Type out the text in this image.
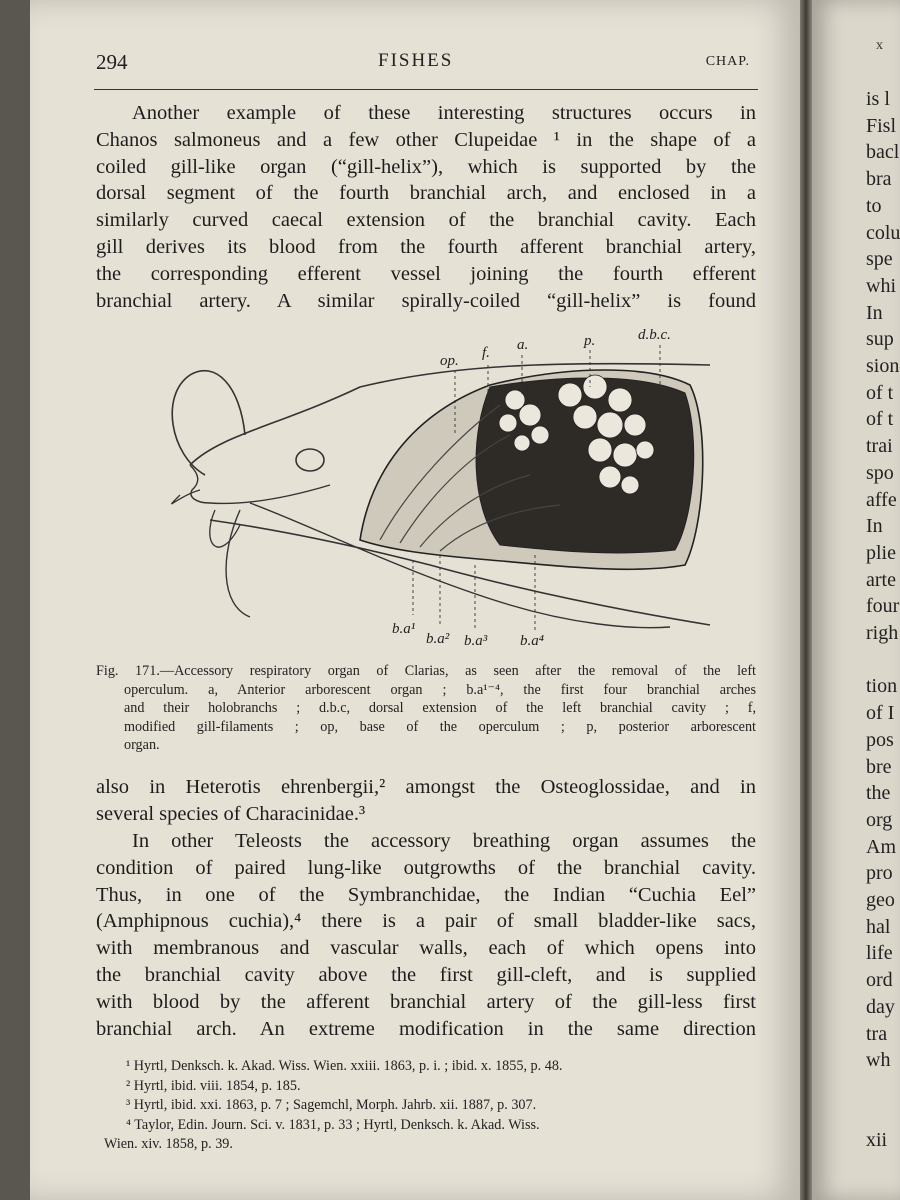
294	FISHES	CHAP.
Another example of these interesting structures occurs in
Chanos salmoneus and a few other Clupeidae ¹ in the shape of a
coiled gill-like organ (“gill-helix”), which is supported by the
dorsal segment of the fourth branchial arch, and enclosed in a
similarly curved caecal extension of the branchial cavity. Each
gill derives its blood from the fourth afferent branchial artery,
the corresponding efferent vessel joining the fourth efferent
branchial artery. A similar spirally-coiled “gill-helix” is found
op. f. a.	p.	d.b.c.
b.a¹
b.a² b.a³ b.a⁴
Fig. 171.—Accessory respiratory organ of Clarias, as seen after the removal of the left
operculum. a, Anterior arborescent organ ; b.a¹⁻⁴, the first four branchial arches
and their holobranchs ; d.b.c, dorsal extension of the left branchial cavity ; f,
modified gill-filaments ; op, base of the operculum ; p, posterior arborescent
organ.
also in Heterotis ehrenbergii,² amongst the Osteoglossidae, and in
several species of Characinidae.³
In other Teleosts the accessory breathing organ assumes the
condition of paired lung-like outgrowths of the branchial cavity.
Thus, in one of the Symbranchidae, the Indian “Cuchia Eel”
(Amphipnous cuchia),⁴ there is a pair of small bladder-like sacs,
with membranous and vascular walls, each of which opens into
the branchial cavity above the first gill-cleft, and is supplied
with blood by the afferent branchial artery of the gill-less first
branchial arch. An extreme modification in the same direction
¹ Hyrtl, Denksch. k. Akad. Wiss. Wien. xxiii. 1863, p. i. ; ibid. x. 1855, p. 48.
² Hyrtl, ibid. viii. 1854, p. 185.
³ Hyrtl, ibid. xxi. 1863, p. 7 ; Sagemchl, Morph. Jahrb. xii. 1887, p. 307.
⁴ Taylor, Edin. Journ. Sci. v. 1831, p. 33 ; Hyrtl, Denksch. k. Akad. Wiss.
Wien. xiv. 1858, p. 39.
x
is l
Fisl
bacl
bra
to
colu
spe
whi
In
sup
sion
of t
of t
trai
spo
affe
In
plie
arte
four
righ
tion
of I
pos
bre
the
org
Am
pro
geo
hal
life
ord
day
tra
wh
xii
